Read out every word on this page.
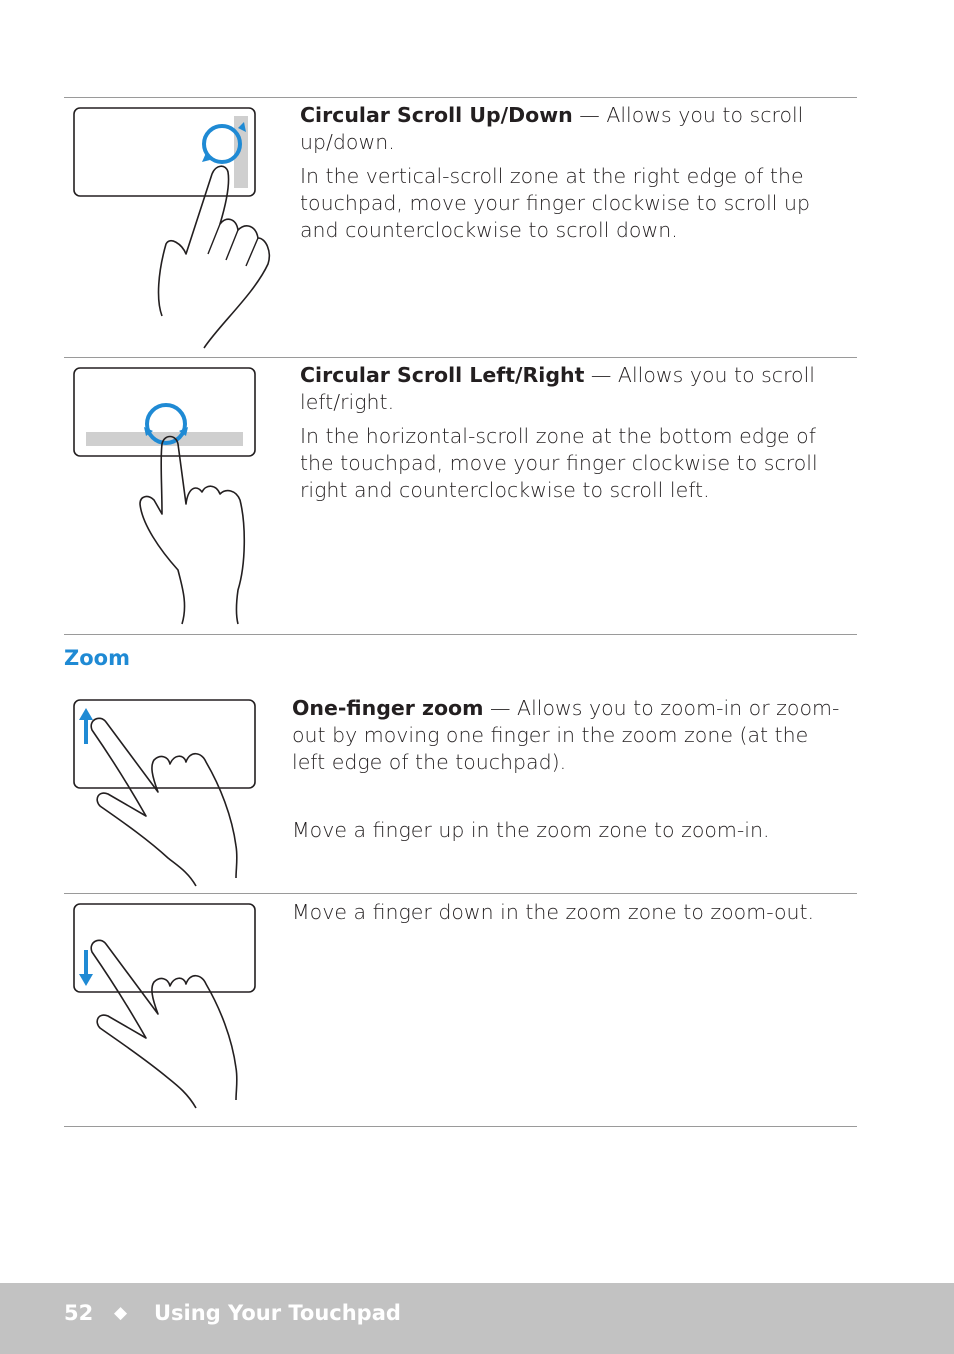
Circular Scroll Up/Down — Allows you to scroll up/down.

In the vertical-scroll zone at the right edge of the touchpad, move your finger clockwise to scroll up and counterclockwise to scroll down.

Circular Scroll Left/Right — Allows you to scroll left/right.

In the horizontal-scroll zone at the bottom edge of the touchpad, move your finger clockwise to scroll right and counterclockwise to scroll left.

Zoom

One-finger zoom — Allows you to zoom-in or zoom-out by moving one finger in the zoom zone (at the left edge of the touchpad).

Move a finger up in the zoom zone to zoom-in.
Move a finger down in the zoom zone to zoom-out.
52 ◆ Using Your Touchpad
